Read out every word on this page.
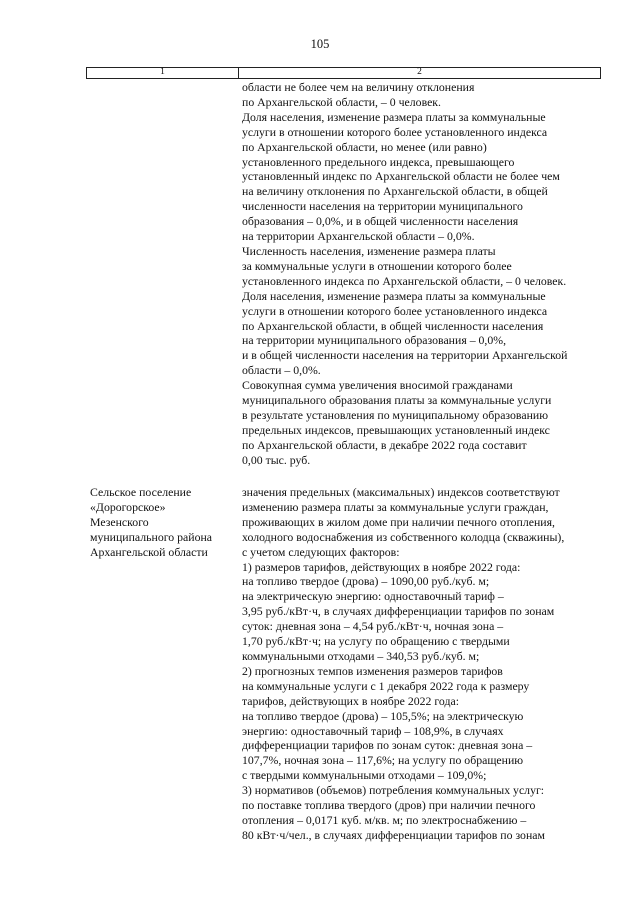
105
1	2
области не более чем на величину отклонения
по Архангельской области, – 0 человек.
Доля населения, изменение размера платы за коммунальные
услуги в отношении которого более установленного индекса
по Архангельской области, но менее (или равно)
установленного предельного индекса, превышающего
установленный индекс по Архангельской области не более чем
на величину отклонения по Архангельской области, в общей
численности населения на территории муниципального
образования – 0,0%, и в общей численности населения
на территории Архангельской области – 0,0%.
Численность населения, изменение размера платы
за коммунальные услуги в отношении которого более
установленного индекса по Архангельской области, – 0 человек.
Доля населения, изменение размера платы за коммунальные
услуги в отношении которого более установленного индекса
по Архангельской области, в общей численности населения
на территории муниципального образования – 0,0%,
и в общей численности населения на территории Архангельской
области – 0,0%.
Совокупная сумма увеличения вносимой гражданами
муниципального образования платы за коммунальные услуги
в результате установления по муниципальному образованию
предельных индексов, превышающих установленный индекс
по Архангельской области, в декабре 2022 года составит
0,00 тыс. руб.
Сельское поселение
«Дорогорское»
Мезенского
муниципального района
Архангельской области
значения предельных (максимальных) индексов соответствуют
изменению размера платы за коммунальные услуги граждан,
проживающих в жилом доме при наличии печного отопления,
холодного водоснабжения из собственного колодца (скважины),
с учетом следующих факторов:
1) размеров тарифов, действующих в ноябре 2022 года:
на топливо твердое (дрова) – 1090,00 руб./куб. м;
на электрическую энергию: одноставочный тариф –
3,95 руб./кВт·ч, в случаях дифференциации тарифов по зонам
суток: дневная зона – 4,54 руб./кВт·ч, ночная зона –
1,70 руб./кВт·ч; на услугу по обращению с твердыми
коммунальными отходами – 340,53 руб./куб. м;
2) прогнозных темпов изменения размеров тарифов
на коммунальные услуги с 1 декабря 2022 года к размеру
тарифов, действующих в ноябре 2022 года:
на топливо твердое (дрова) – 105,5%; на электрическую
энергию: одноставочный тариф – 108,9%, в случаях
дифференциации тарифов по зонам суток: дневная зона –
107,7%, ночная зона – 117,6%; на услугу по обращению
с твердыми коммунальными отходами – 109,0%;
3) нормативов (объемов) потребления коммунальных услуг:
по поставке топлива твердого (дров) при наличии печного
отопления – 0,0171 куб. м/кв. м; по электроснабжению –
80 кВт·ч/чел., в случаях дифференциации тарифов по зонам
